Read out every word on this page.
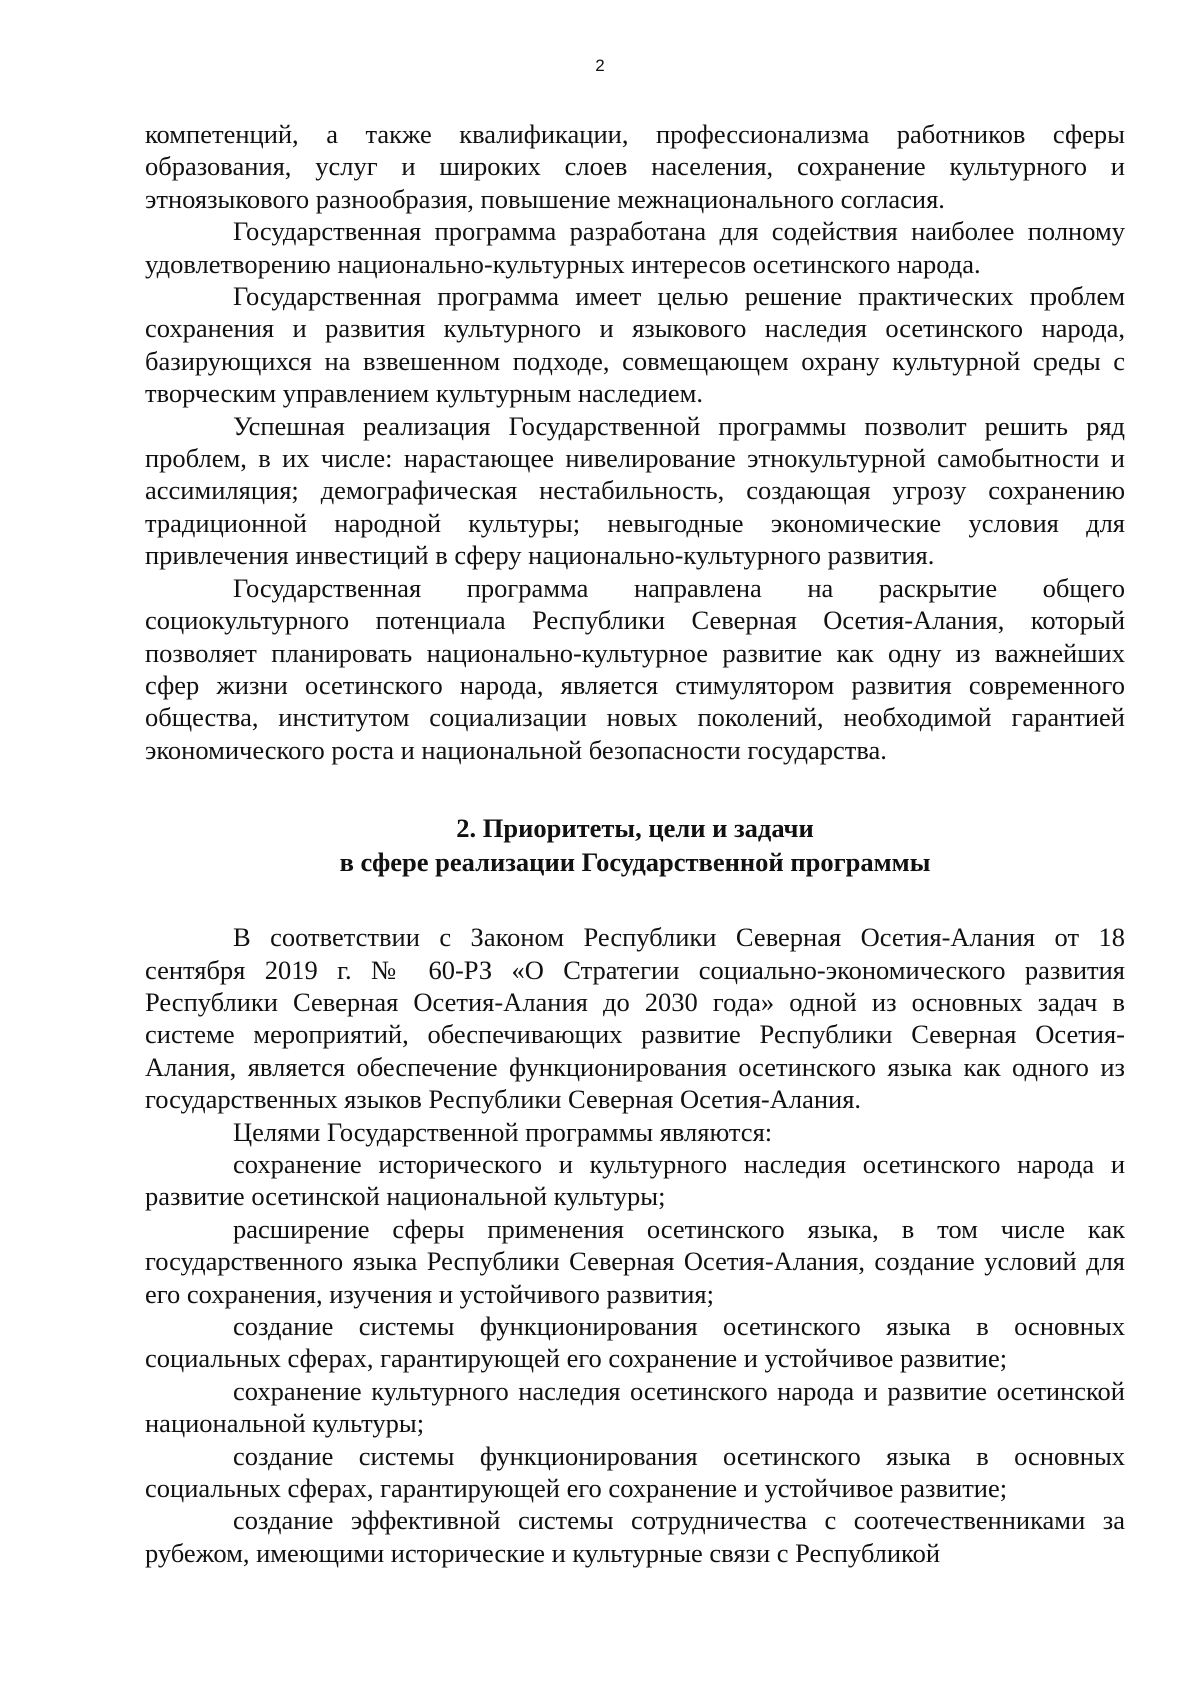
2

компетенций, а также квалификации, профессионализма работников сферы образования, услуг и широких слоев населения, сохранение культурного и этноязыкового разнообразия, повышение межнационального согласия.

Государственная программа разработана для содействия наиболее полному удовлетворению национально-культурных интересов осетинского народа.

Государственная программа имеет целью решение практических проблем сохранения и развития культурного и языкового наследия осетинского народа, базирующихся на взвешенном подходе, совмещающем охрану культурной среды с творческим управлением культурным наследием.

Успешная реализация Государственной программы позволит решить ряд проблем, в их числе: нарастающее нивелирование этнокультурной самобытности и ассимиляция; демографическая нестабильность, создающая угрозу сохранению традиционной народной культуры; невыгодные экономические условия для привлечения инвестиций в сферу национально-культурного развития.

Государственная программа направлена на раскрытие общего социокультурного потенциала Республики Северная Осетия-Алания, который позволяет планировать национально-культурное развитие как одну из важнейших сфер жизни осетинского народа, является стимулятором развития современного общества, институтом социализации новых поколений, необходимой гарантией экономического роста и национальной безопасности государства.

2. Приоритеты, цели и задачи
в сфере реализации Государственной программы

В соответствии с Законом Республики Северная Осетия-Алания от 18 сентября 2019 г. № 60-РЗ «О Стратегии социально-экономического развития Республики Северная Осетия-Алания до 2030 года» одной из основных задач в системе мероприятий, обеспечивающих развитие Республики Северная Осетия-Алания, является обеспечение функционирования осетинского языка как одного из государственных языков Республики Северная Осетия-Алания.

Целями Государственной программы являются:

сохранение исторического и культурного наследия осетинского народа и развитие осетинской национальной культуры;

расширение сферы применения осетинского языка, в том числе как государственного языка Республики Северная Осетия-Алания, создание условий для его сохранения, изучения и устойчивого развития;

создание системы функционирования осетинского языка в основных социальных сферах, гарантирующей его сохранение и устойчивое развитие;

сохранение культурного наследия осетинского народа и развитие осетинской национальной культуры;

создание системы функционирования осетинского языка в основных социальных сферах, гарантирующей его сохранение и устойчивое развитие;

создание эффективной системы сотрудничества с соотечественниками за рубежом, имеющими исторические и культурные связи с Республикой
